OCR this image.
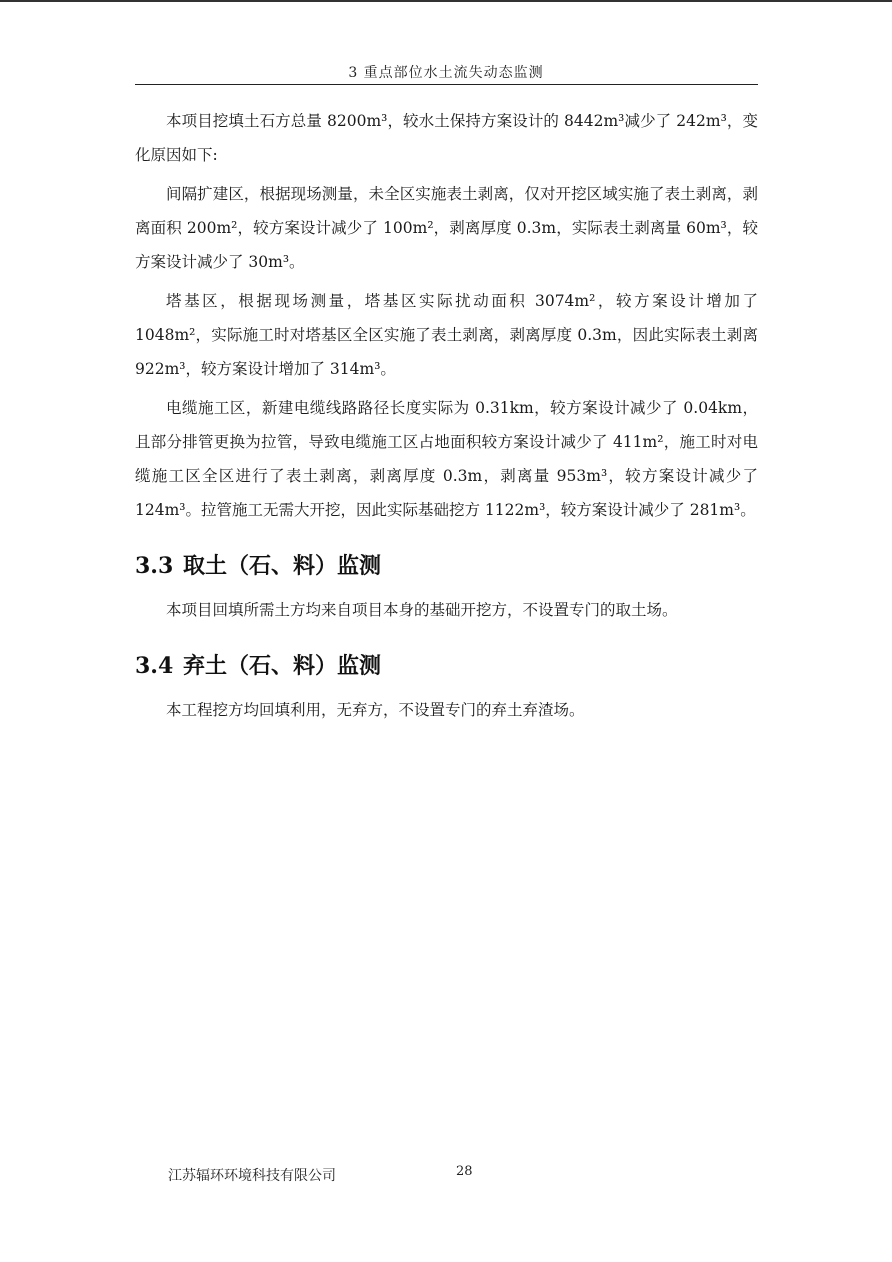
3 重点部位水土流失动态监测

本项目挖填土石方总量 8200m³，较水土保持方案设计的 8442m³减少了 242m³，变化原因如下:

间隔扩建区，根据现场测量，未全区实施表土剥离，仅对开挖区域实施了表土剥离，剥离面积 200m²，较方案设计减少了 100m²，剥离厚度 0.3m，实际表土剥离量 60m³，较方案设计减少了 30m³。

塔基区，根据现场测量，塔基区实际扰动面积 3074m²，较方案设计增加了 1048m²，实际施工时对塔基区全区实施了表土剥离，剥离厚度 0.3m，因此实际表土剥离 922m³，较方案设计增加了 314m³。

电缆施工区，新建电缆线路路径长度实际为 0.31km，较方案设计减少了 0.04km，且部分排管更换为拉管，导致电缆施工区占地面积较方案设计减少了 411m²，施工时对电缆施工区全区进行了表土剥离，剥离厚度 0.3m，剥离量 953m³，较方案设计减少了 124m³。拉管施工无需大开挖，因此实际基础挖方 1122m³，较方案设计减少了 281m³。

3.3 取土（石、料）监测

本项目回填所需土方均来自项目本身的基础开挖方，不设置专门的取土场。

3.4 弃土（石、料）监测

本工程挖方均回填利用，无弃方，不设置专门的弃土弃渣场。

江苏辐环环境科技有限公司	28
